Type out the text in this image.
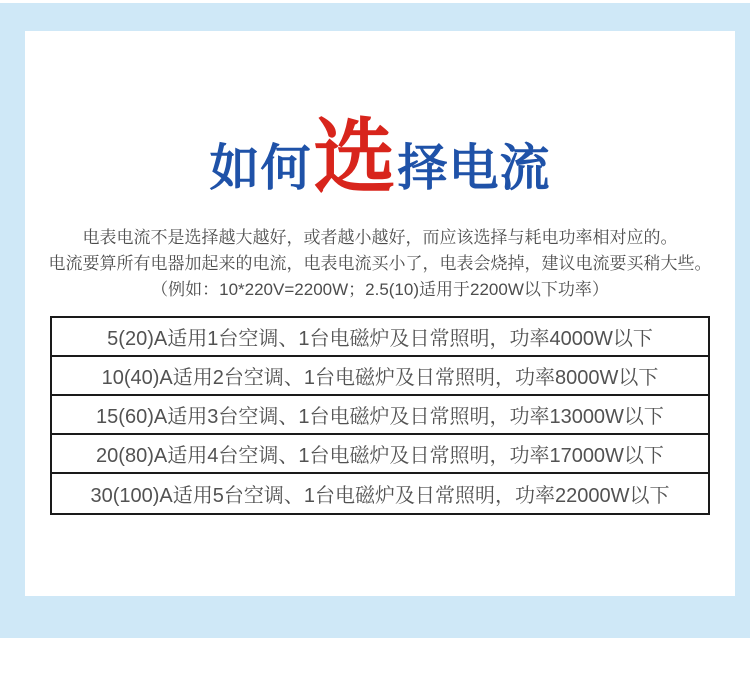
如何选择电流
电表电流不是选择越大越好，或者越小越好，而应该选择与耗电功率相对应的。
电流要算所有电器加起来的电流，电表电流买小了，电表会烧掉，建议电流要买稍大些。
（例如：10*220V=2200W；2.5(10)适用于2200W以下功率）
5(20)A适用1台空调、1台电磁炉及日常照明，功率4000W以下
10(40)A适用2台空调、1台电磁炉及日常照明，功率8000W以下
15(60)A适用3台空调、1台电磁炉及日常照明，功率13000W以下
20(80)A适用4台空调、1台电磁炉及日常照明，功率17000W以下
30(100)A适用5台空调、1台电磁炉及日常照明，功率22000W以下
